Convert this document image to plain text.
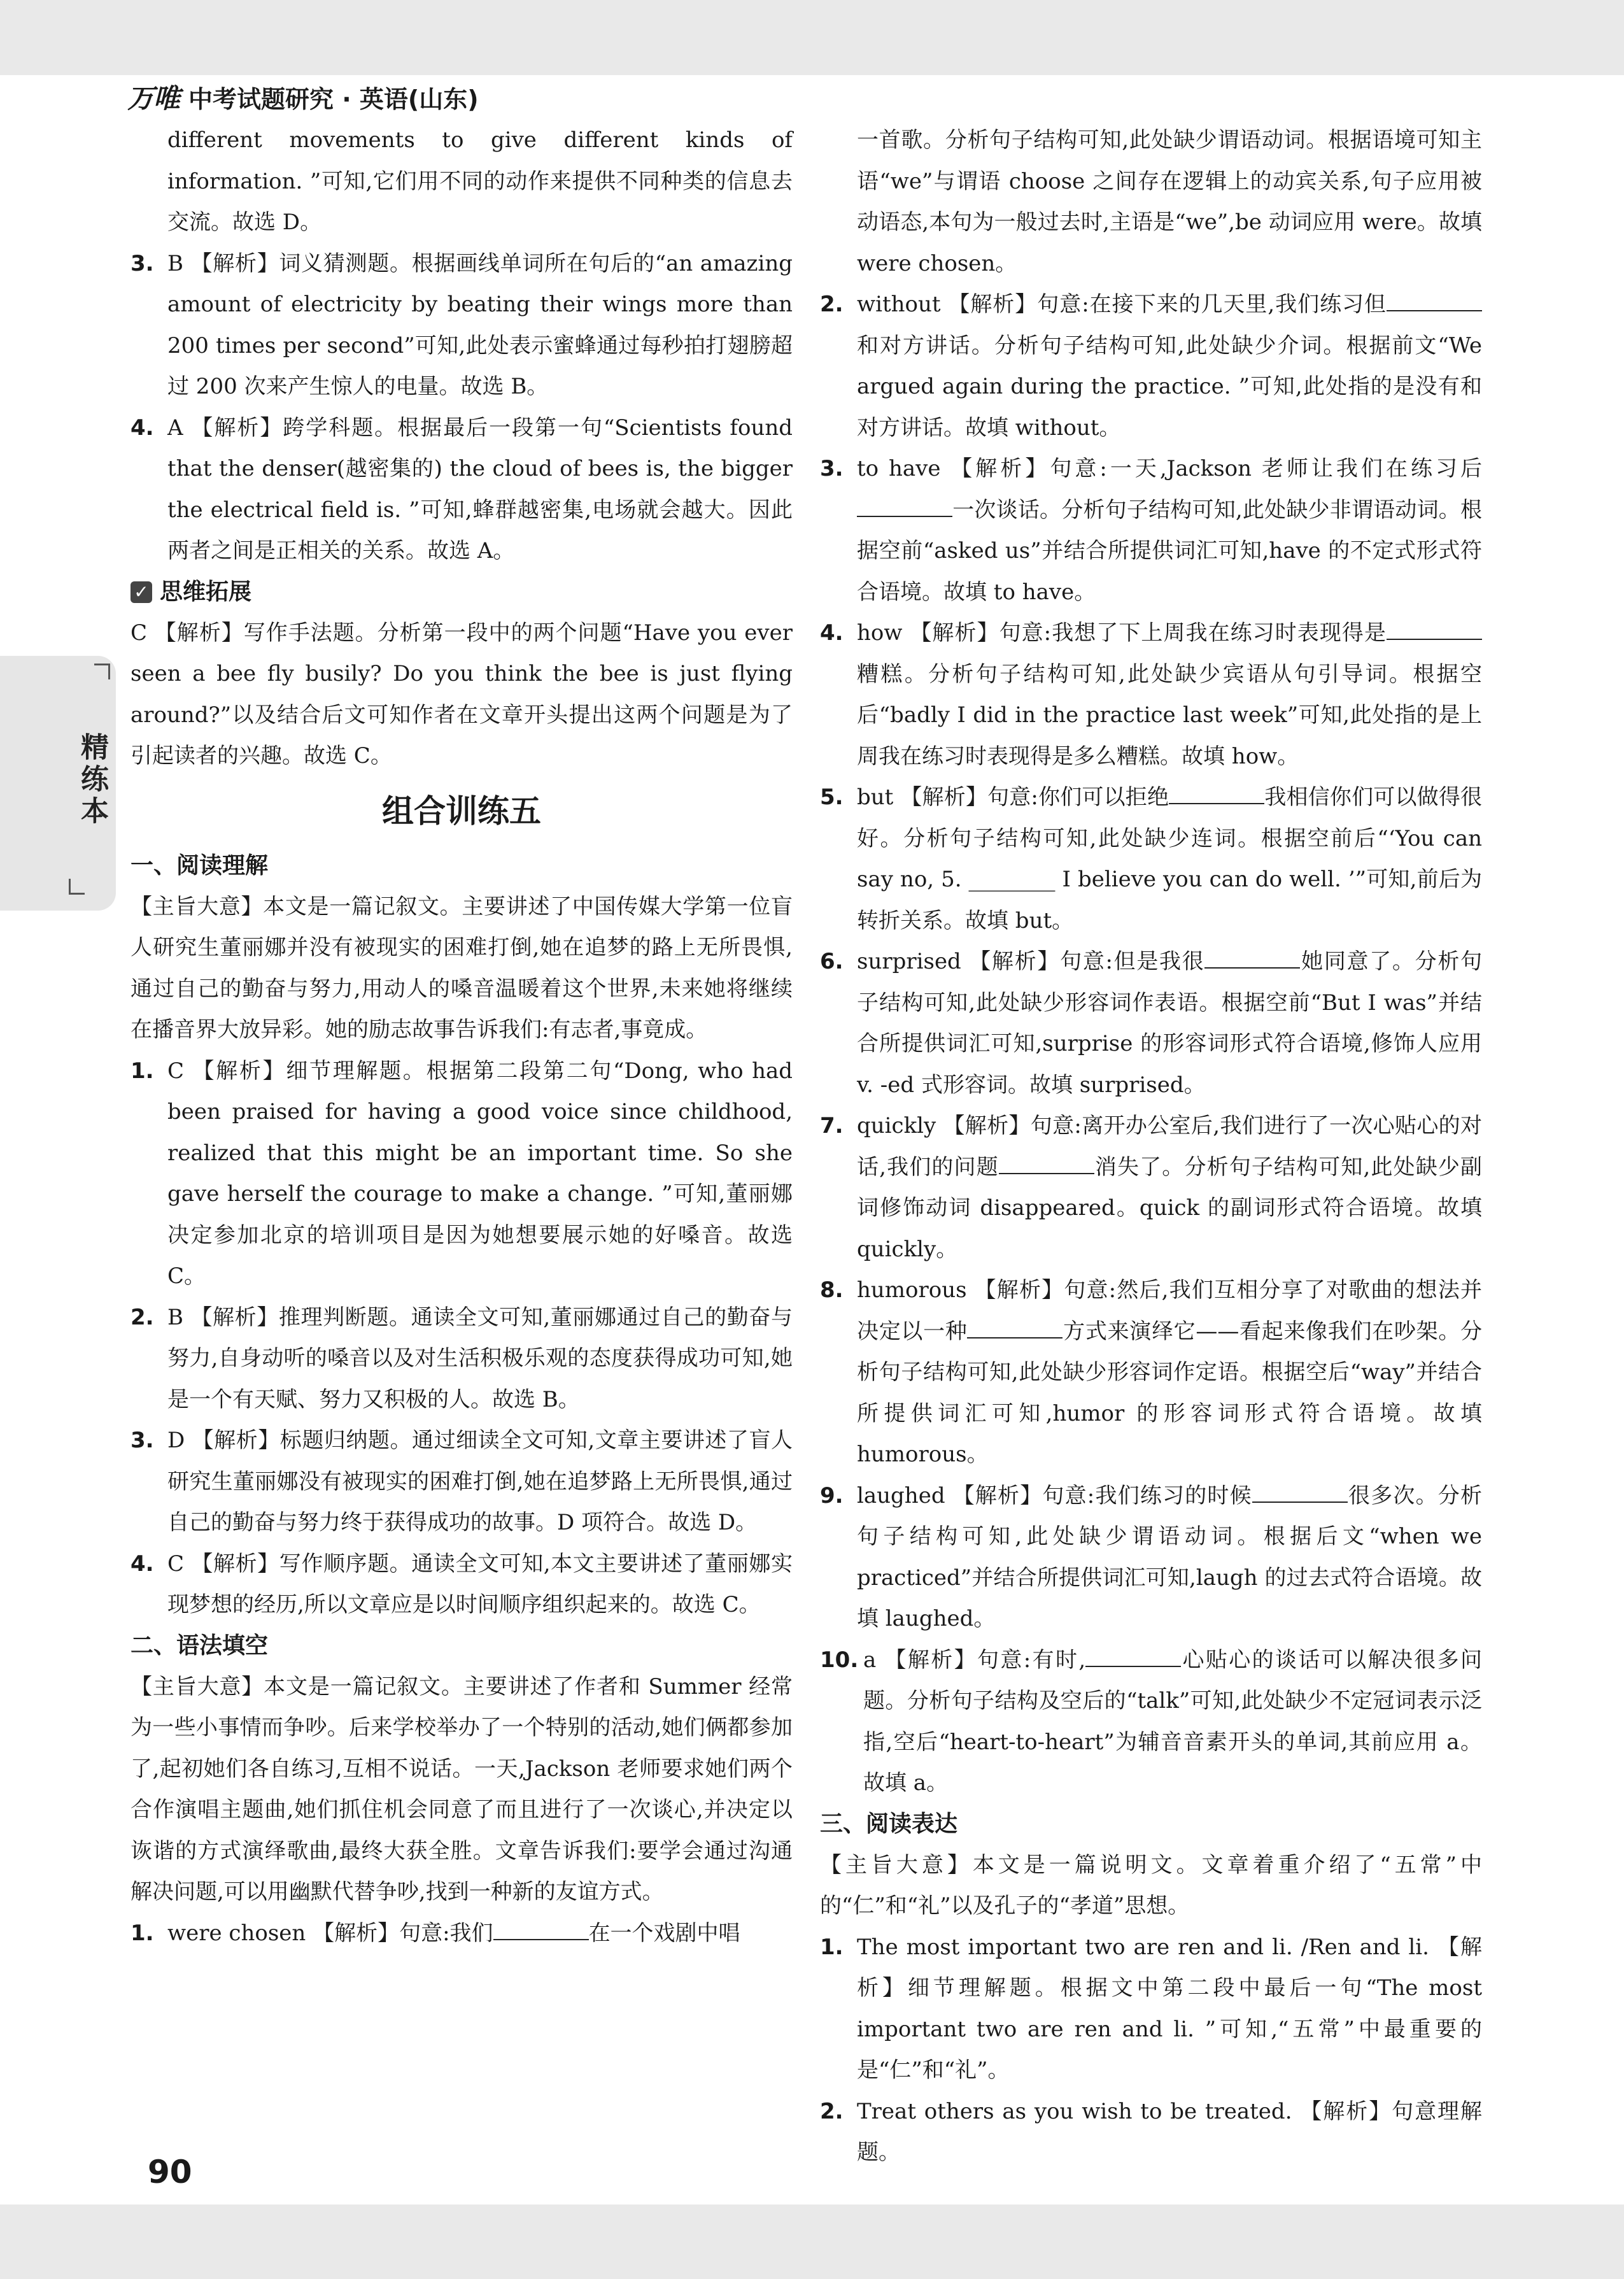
万唯 中考试题研究 · 英语(山东)
精练本

different movements to give different kinds of information. ”可知,它们用不同的动作来提供不同种类的信息去交流。故选 D。

3. B 【解析】词义猜测题。根据画线单词所在句后的“an amazing amount of electricity by beating their wings more than 200 times per second”可知,此处表示蜜蜂通过每秒拍打翅膀超过 200 次来产生惊人的电量。故选 B。

4. A 【解析】跨学科题。根据最后一段第一句“Scientists found that the denser(越密集的) the cloud of bees is, the bigger the electrical field is. ”可知,蜂群越密集,电场就会越大。因此两者之间是正相关的关系。故选 A。

✓ 思维拓展

C 【解析】写作手法题。分析第一段中的两个问题“Have you ever seen a bee fly busily? Do you think the bee is just flying around?”以及结合后文可知作者在文章开头提出这两个问题是为了引起读者的兴趣。故选 C。

组合训练五

一、阅读理解

【主旨大意】本文是一篇记叙文。主要讲述了中国传媒大学第一位盲人研究生董丽娜并没有被现实的困难打倒,她在追梦的路上无所畏惧,通过自己的勤奋与努力,用动人的嗓音温暖着这个世界,未来她将继续在播音界大放异彩。她的励志故事告诉我们:有志者,事竟成。

1. C 【解析】细节理解题。根据第二段第二句“Dong, who had been praised for having a good voice since childhood, realized that this might be an important time. So she gave herself the courage to make a change. ”可知,董丽娜决定参加北京的培训项目是因为她想要展示她的好嗓音。故选 C。

2. B 【解析】推理判断题。通读全文可知,董丽娜通过自己的勤奋与努力,自身动听的嗓音以及对生活积极乐观的态度获得成功可知,她是一个有天赋、努力又积极的人。故选 B。

3. D 【解析】标题归纳题。通过细读全文可知,文章主要讲述了盲人研究生董丽娜没有被现实的困难打倒,她在追梦路上无所畏惧,通过自己的勤奋与努力终于获得成功的故事。D 项符合。故选 D。

4. C 【解析】写作顺序题。通读全文可知,本文主要讲述了董丽娜实现梦想的经历,所以文章应是以时间顺序组织起来的。故选 C。

二、语法填空

【主旨大意】本文是一篇记叙文。主要讲述了作者和 Summer 经常为一些小事情而争吵。后来学校举办了一个特别的活动,她们俩都参加了,起初她们各自练习,互相不说话。一天,Jackson 老师要求她们两个合作演唱主题曲,她们抓住机会同意了而且进行了一次谈心,并决定以诙谐的方式演绎歌曲,最终大获全胜。文章告诉我们:要学会通过沟通解决问题,可以用幽默代替争吵,找到一种新的友谊方式。

1. were chosen 【解析】句意:我们	在一个戏剧中唱

一首歌。分析句子结构可知,此处缺少谓语动词。根据语境可知主语“we”与谓语 choose 之间存在逻辑上的动宾关系,句子应用被动语态,本句为一般过去时,主语是“we”,be 动词应用 were。故填 were chosen。

2. without 【解析】句意:在接下来的几天里,我们练习但和对方讲话。分析句子结构可知,此处缺少介词。根据前文“We argued again during the practice. ”可知,此处指的是没有和对方讲话。故填 without。

3. to have 【解析】句意:一天,Jackson 老师让我们在练习后一次谈话。分析句子结构可知,此处缺少非谓语动词。根据空前“asked us”并结合所提供词汇可知,have 的不定式形式符合语境。故填 to have。

4. how 【解析】句意:我想了下上周我在练习时表现得是糟糕。分析句子结构可知,此处缺少宾语从句引导词。根据空后“badly I did in the practice last week”可知,此处指的是上周我在练习时表现得是多么糟糕。故填 how。

5. but 【解析】句意:你们可以拒绝	我相信你们可以做得很好。分析句子结构可知,此处缺少连词。根据空前后“‘You can say no, 5. ________ I believe you can do well. ’”可知,前后为转折关系。故填 but。

6. surprised 【解析】句意:但是我很	她同意了。分析句子结构可知,此处缺少形容词作表语。根据空前“But I was”并结合所提供词汇可知,surprise 的形容词形式符合语境,修饰人应用 v. -ed 式形容词。故填 surprised。

7. quickly 【解析】句意:离开办公室后,我们进行了一次心贴心的对话,我们的问题	消失了。分析句子结构可知,此处缺少副词修饰动词 disappeared。quick 的副词形式符合语境。故填 quickly。

8. humorous 【解析】句意:然后,我们互相分享了对歌曲的想法并决定以一种	方式来演绎它——看起来像我们在吵架。分析句子结构可知,此处缺少形容词作定语。根据空后“way”并结合所提供词汇可知,humor 的形容词形式符合语境。故填 humorous。

9. laughed 【解析】句意:我们练习的时候	很多次。分析句子结构可知,此处缺少谓语动词。根据后文“when we practiced”并结合所提供词汇可知,laugh 的过去式符合语境。故填 laughed。

10. a 【解析】句意:有时,	心贴心的谈话可以解决很多问题。分析句子结构及空后的“talk”可知,此处缺少不定冠词表示泛指,空后“heart-to-heart”为辅音音素开头的单词,其前应用 a。故填 a。

三、阅读表达

【主旨大意】本文是一篇说明文。文章着重介绍了“五常”中的“仁”和“礼”以及孔子的“孝道”思想。

1. The most important two are ren and li. /Ren and li. 【解析】细节理解题。根据文中第二段中最后一句“The most important two are ren and li. ”可知,“五常”中最重要的是“仁”和“礼”。

2. Treat others as you wish to be treated. 【解析】句意理解题。

90
